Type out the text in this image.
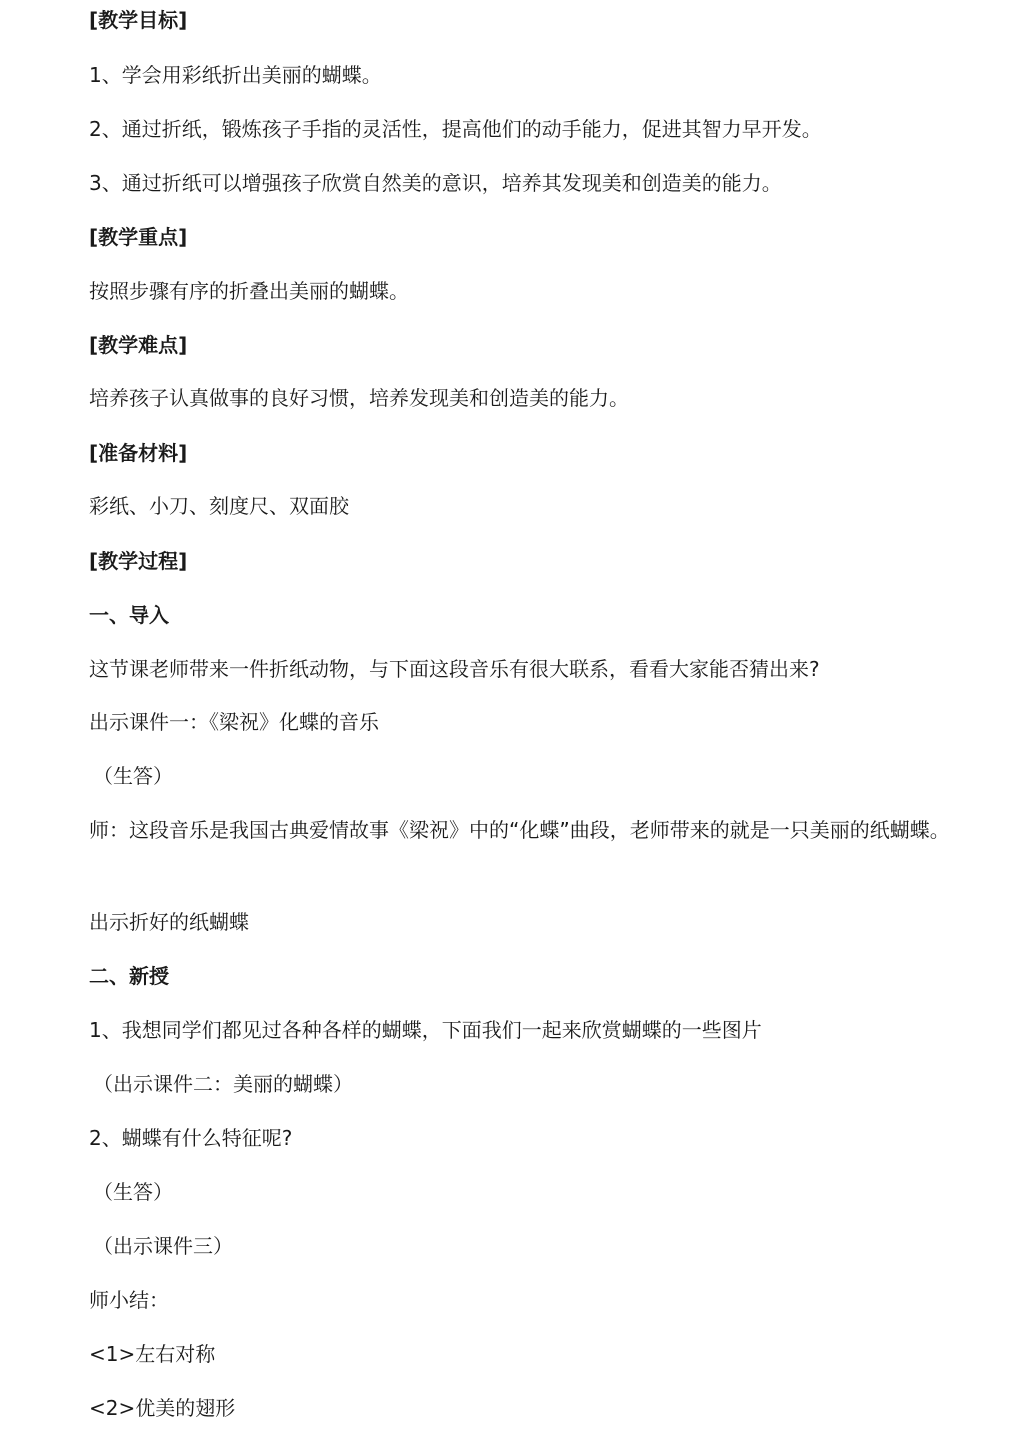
[教学目标]
1、学会用彩纸折出美丽的蝴蝶。
2、通过折纸，锻炼孩子手指的灵活性，提高他们的动手能力，促进其智力早开发。
3、通过折纸可以增强孩子欣赏自然美的意识，培养其发现美和创造美的能力。
[教学重点]
按照步骤有序的折叠出美丽的蝴蝶。
[教学难点]
培养孩子认真做事的良好习惯，培养发现美和创造美的能力。
[准备材料]
彩纸、小刀、刻度尺、双面胶
[教学过程]
一、导入
这节课老师带来一件折纸动物，与下面这段音乐有很大联系，看看大家能否猜出来?
出示课件一：《梁祝》化蝶的音乐
（生答）
师：这段音乐是我国古典爱情故事《梁祝》中的“化蝶”曲段，老师带来的就是一只美丽的纸蝴蝶。
出示折好的纸蝴蝶
二、新授
1、我想同学们都见过各种各样的蝴蝶，下面我们一起来欣赏蝴蝶的一些图片
（出示课件二：美丽的蝴蝶）
2、蝴蝶有什么特征呢?
（生答）
（出示课件三）
师小结：
<1>左右对称
<2>优美的翅形
